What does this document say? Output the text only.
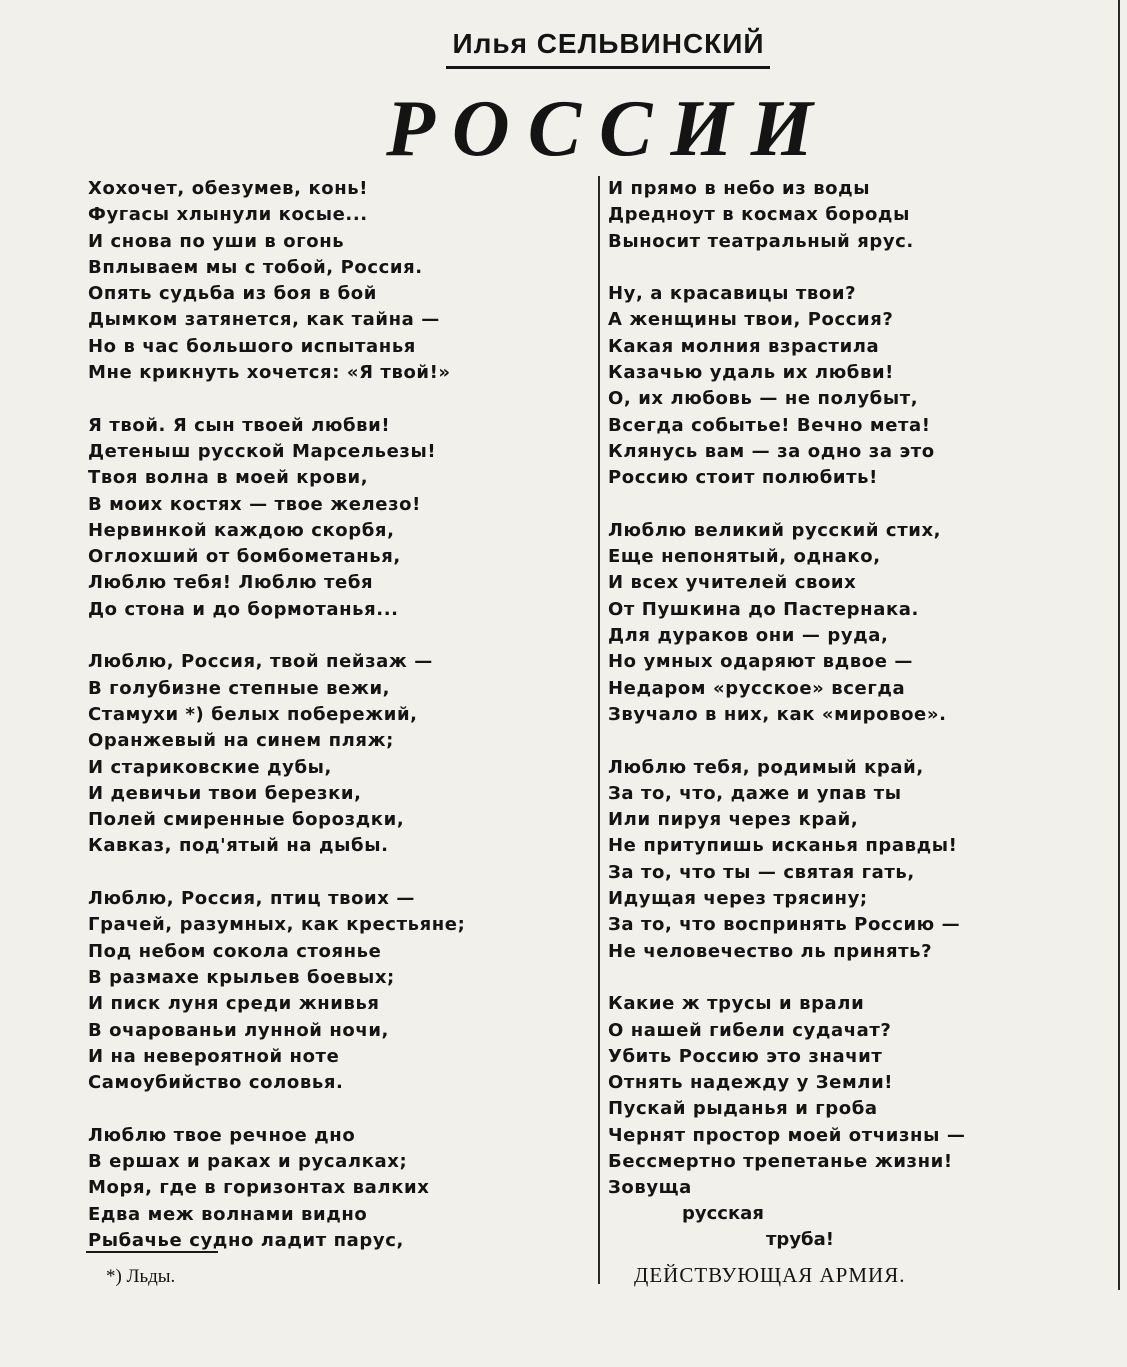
Илья СЕЛЬВИНСКИЙ
РОССИИ
Хохочет, обезумев, конь!
Фугасы хлынули косые...
И снова по уши в огонь
Вплываем мы с тобой, Россия.
Опять судьба из боя в бой
Дымком затянется, как тайна —
Но в час большого испытанья
Мне крикнуть хочется: «Я твой!»
Я твой. Я сын твоей любви!
Детеныш русской Марсельезы!
Твоя волна в моей крови,
В моих костях — твое железо!
Нервинкой каждою скорбя,
Оглохший от бомбометанья,
Люблю тебя! Люблю тебя
До стона и до бормотанья...
Люблю, Россия, твой пейзаж —
В голубизне степные вежи,
Стамухи *) белых побережий,
Оранжевый на синем пляж;
И стариковские дубы,
И девичьи твои березки,
Полей смиренные бороздки,
Кавказ, под'ятый на дыбы.
Люблю, Россия, птиц твоих —
Грачей, разумных, как крестьяне;
Под небом сокола стоянье
В размахе крыльев боевых;
И писк луня среди жнивья
В очарованьи лунной ночи,
И на невероятной ноте
Самоубийство соловья.
Люблю твое речное дно
В ершах и раках и русалках;
Моря, где в горизонтах валких
Едва меж волнами видно
Рыбачье судно ладит парус,
И прямо в небо из воды
Дредноут в космах бороды
Выносит театральный ярус.
Ну, а красавицы твои?
А женщины твои, Россия?
Какая молния взрастила
Казачью удаль их любви!
О, их любовь — не полубыт,
Всегда событье! Вечно мета!
Клянусь вам — за одно за это
Россию стоит полюбить!
Люблю великий русский стих,
Еще непонятый, однако,
И всех учителей своих
От Пушкина до Пастернака.
Для дураков они — руда,
Но умных одаряют вдвое —
Недаром «русское» всегда
Звучало в них, как «мировое».
Люблю тебя, родимый край,
За то, что, даже и упав ты
Или пируя через край,
Не притупишь исканья правды!
За то, что ты — святая гать,
Идущая через трясину;
За то, что воспринять Россию —
Не человечество ль принять?
Какие ж трусы и врали
О нашей гибели судачат?
Убить Россию это значит
Отнять надежду у Земли!
Пускай рыданья и гроба
Чернят простор моей отчизны —
Бессмертно трепетанье жизни!
Зовуща
русская
труба!
*) Льды.	ДЕЙСТВУЮЩАЯ АРМИЯ.
